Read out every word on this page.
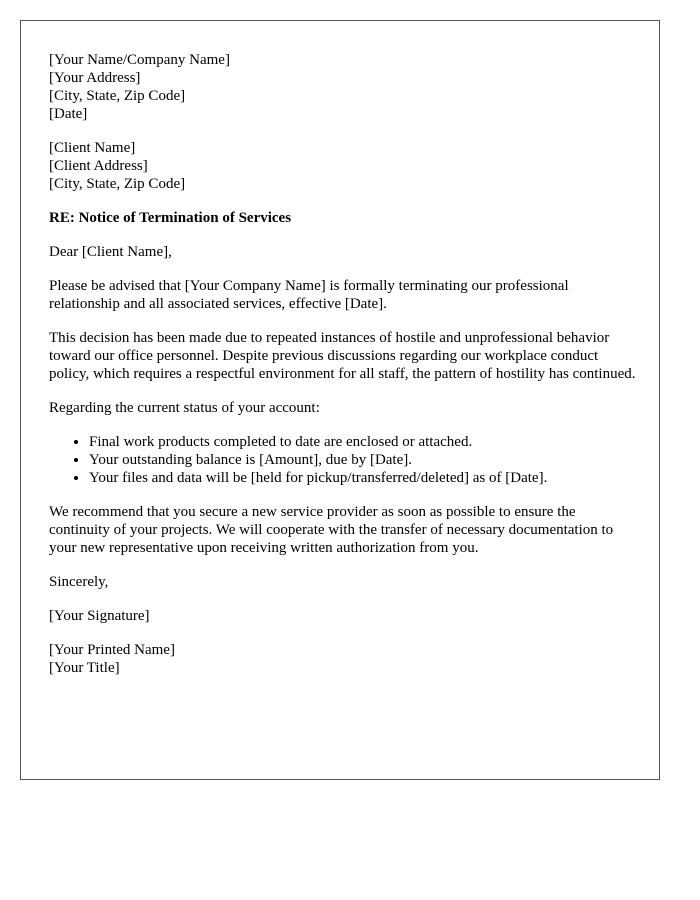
[Your Name/Company Name]
[Your Address]
[City, State, Zip Code]
[Date]
[Client Name]
[Client Address]
[City, State, Zip Code]

RE: Notice of Termination of Services

Dear [Client Name],

Please be advised that [Your Company Name] is formally terminating our professional relationship and all associated services, effective [Date].

This decision has been made due to repeated instances of hostile and unprofessional behavior toward our office personnel. Despite previous discussions regarding our workplace conduct policy, which requires a respectful environment for all staff, the pattern of hostility has continued.

Regarding the current status of your account:

• Final work products completed to date are enclosed or attached.
• Your outstanding balance is [Amount], due by [Date].
• Your files and data will be [held for pickup/transferred/deleted] as of [Date].

We recommend that you secure a new service provider as soon as possible to ensure the continuity of your projects. We will cooperate with the transfer of necessary documentation to your new representative upon receiving written authorization from you.

Sincerely,

[Your Signature]

[Your Printed Name]
[Your Title]
